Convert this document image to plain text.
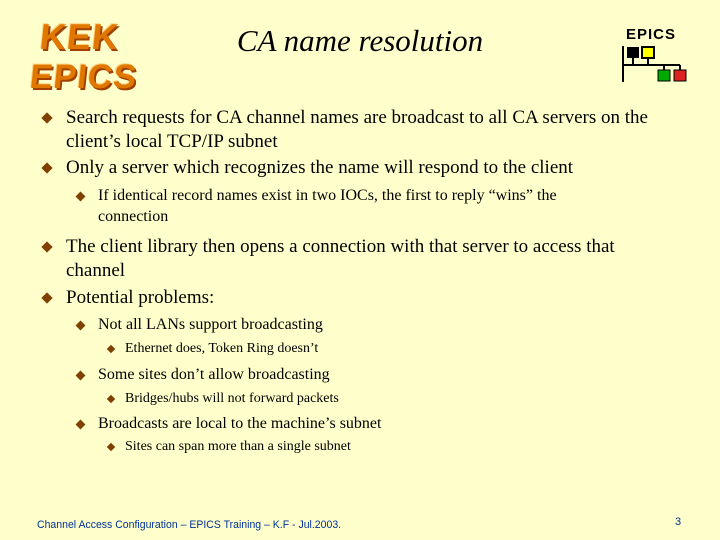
KEK
EPICS
CA name resolution	EPICS
Search requests for CA channel names are broadcast to all CA servers on the
client’s local TCP/IP subnet
Only a server which recognizes the name will respond to the client
If identical record names exist in two IOCs, the first to reply “wins” the
connection
The client library then opens a connection with that server to access that
channel
Potential problems:
Not all LANs support broadcasting
Ethernet does, Token Ring doesn’t
Some sites don’t allow broadcasting
Bridges/hubs will not forward packets
Broadcasts are local to the machine’s subnet
Sites can span more than a single subnet
Channel Access Configuration – EPICS Training – K.F - Jul.2003.	3
